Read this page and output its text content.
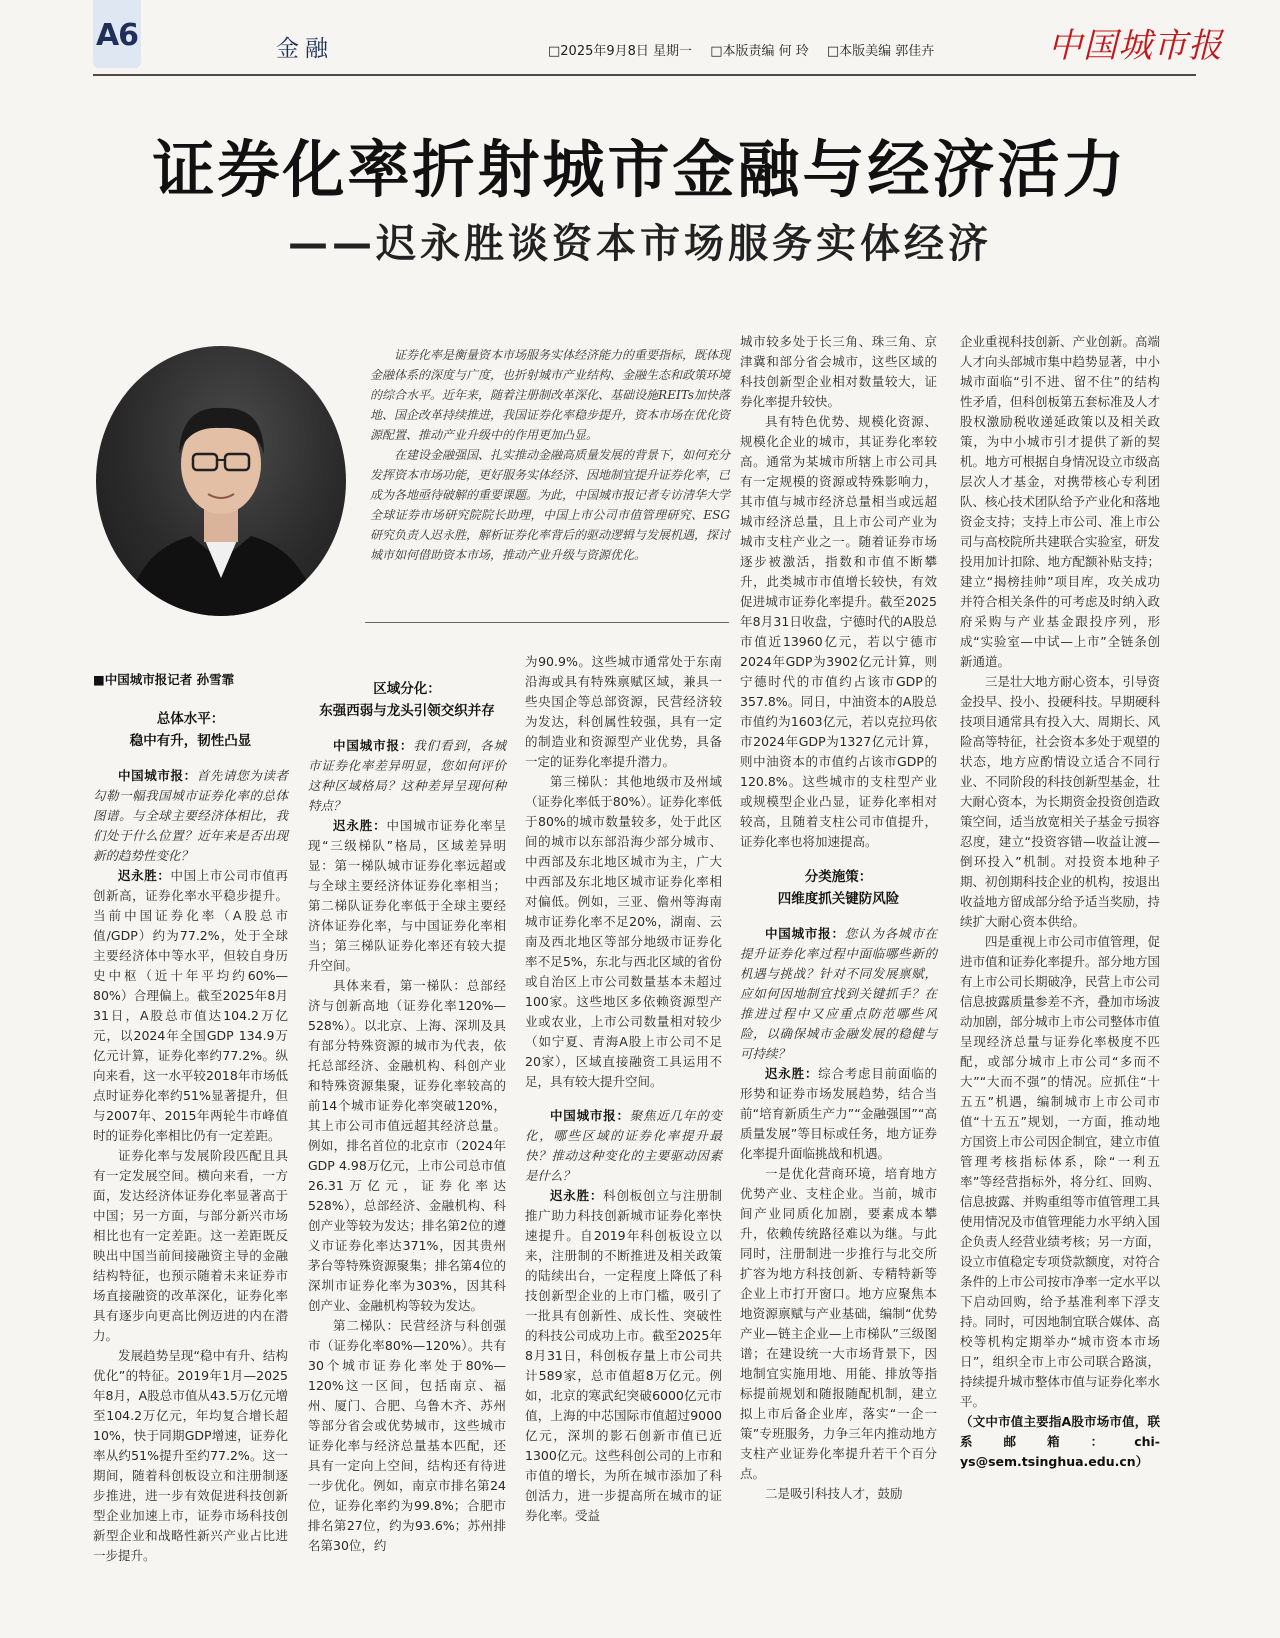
A6	金融	□2025年9月8日 星期一 □本版责编 何 玲 □本版美编 郭佳卉	中国城市报
证券化率折射城市金融与经济活力
——迟永胜谈资本市场服务实体经济

证券化率是衡量资本市场服务实体经济能力的重要指标，既体现金融体系的深度与广度，也折射城市产业结构、金融生态和政策环境的综合水平。近年来，随着注册制改革深化、基础设施REITs加快落地、国企改革持续推进，我国证券化率稳步提升，资本市场在优化资源配置、推动产业升级中的作用更加凸显。

在建设金融强国、扎实推动金融高质量发展的背景下，如何充分发挥资本市场功能，更好服务实体经济、因地制宜提升证券化率，已成为各地亟待破解的重要课题。为此，中国城市报记者专访清华大学全球证券市场研究院院长助理，中国上市公司市值管理研究、ESG研究负责人迟永胜，解析证券化率背后的驱动逻辑与发展机遇，探讨城市如何借助资本市场，推动产业升级与资源优化。

■中国城市报记者 孙雪霏

总体水平：

稳中有升，韧性凸显

中国城市报：首先请您为读者勾勒一幅我国城市证券化率的总体图谱。与全球主要经济体相比，我们处于什么位置？近年来是否出现新的趋势性变化？

迟永胜：中国上市公司市值再创新高，证券化率水平稳步提升。当前中国证券化率（A股总市值/GDP）约为77.2%，处于全球主要经济体中等水平，但较自身历史中枢（近十年平均约60%—80%）合理偏上。截至2025年8月31日，A股总市值达104.2万亿元，以2024年全国GDP 134.9万亿元计算，证券化率约77.2%。纵向来看，这一水平较2018年市场低点时证券化率约51%显著提升，但与2007年、2015年两轮牛市峰值时的证券化率相比仍有一定差距。

证券化率与发展阶段匹配且具有一定发展空间。横向来看，一方面，发达经济体证券化率显著高于中国；另一方面，与部分新兴市场相比也有一定差距。这一差距既反映出中国当前间接融资主导的金融结构特征，也预示随着未来证券市场直接融资的改革深化，证券化率具有逐步向更高比例迈进的内在潜力。

发展趋势呈现“稳中有升、结构优化”的特征。2019年1月—2025年8月，A股总市值从43.5万亿元增至104.2万亿元，年均复合增长超10%，快于同期GDP增速，证券化率从约51%提升至约77.2%。这一期间，随着科创板设立和注册制逐步推进，进一步有效促进科技创新型企业加速上市，证券市场科技创新型企业和战略性新兴产业占比进一步提升。

区域分化：

东强西弱与龙头引领交织并存

中国城市报：我们看到，各城市证券化率差异明显，您如何评价这种区域格局？这种差异呈现何种特点？

迟永胜：中国城市证券化率呈现“三级梯队”格局，区域差异明显：第一梯队城市证券化率远超或与全球主要经济体证券化率相当；第二梯队证券化率低于全球主要经济体证券化率，与中国证券化率相当；第三梯队证券化率还有较大提升空间。

具体来看，第一梯队：总部经济与创新高地（证券化率120%—528%）。以北京、上海、深圳及具有部分特殊资源的城市为代表，依托总部经济、金融机构、科创产业和特殊资源集聚，证券化率较高的前14个城市证券化率突破120%，其上市公司市值远超其经济总量。例如，排名首位的北京市（2024年GDP 4.98万亿元，上市公司总市值26.31万亿元，证券化率达528%），总部经济、金融机构、科创产业等较为发达；排名第2位的遵义市证券化率达371%，因其贵州茅台等特殊资源聚集；排名第4位的深圳市证券化率为303%，因其科创产业、金融机构等较为发达。

第二梯队：民营经济与科创强市（证券化率80%—120%）。共有30个城市证券化率处于80%—120%这一区间，包括南京、福州、厦门、合肥、乌鲁木齐、苏州等部分省会或优势城市，这些城市证券化率与经济总量基本匹配，还具有一定向上空间，结构还有待进一步优化。例如，南京市排名第24位，证券化率约为99.8%；合肥市排名第27位，约为93.6%；苏州排名第30位，约

为90.9%。这些城市通常处于东南沿海或具有特殊禀赋区域，兼具一些央国企等总部资源，民营经济较为发达，科创属性较强，具有一定的制造业和资源型产业优势，具备一定的证券化率提升潜力。

第三梯队：其他地级市及州域（证券化率低于80%）。证券化率低于80%的城市数量较多，处于此区间的城市以东部沿海少部分城市、中西部及东北地区城市为主，广大中西部及东北地区城市证券化率相对偏低。例如，三亚、儋州等海南城市证券化率不足20%，湖南、云南及西北地区等部分地级市证券化率不足5%，东北与西北区域的省份或自治区上市公司数量基本未超过100家。这些地区多依赖资源型产业或农业，上市公司数量相对较少（如宁夏、青海A股上市公司不足20家），区域直接融资工具运用不足，具有较大提升空间。

中国城市报：聚焦近几年的变化，哪些区域的证券化率提升最快？推动这种变化的主要驱动因素是什么？

迟永胜：科创板创立与注册制推广助力科技创新城市证券化率快速提升。自2019年科创板设立以来，注册制的不断推进及相关政策的陆续出台，一定程度上降低了科技创新型企业的上市门槛，吸引了一批具有创新性、成长性、突破性的科技公司成功上市。截至2025年8月31日，科创板存量上市公司共计589家，总市值超8万亿元。例如，北京的寒武纪突破6000亿元市值，上海的中芯国际市值超过9000亿元，深圳的影石创新市值已近1300亿元。这些科创公司的上市和市值的增长，为所在城市添加了科创活力，进一步提高所在城市的证券化率。受益

城市较多处于长三角、珠三角、京津冀和部分省会城市，这些区域的科技创新型企业相对数量较大，证券化率提升较快。

具有特色优势、规模化资源、规模化企业的城市，其证券化率较高。通常为某城市所辖上市公司具有一定规模的资源或特殊影响力，其市值与城市经济总量相当或远超城市经济总量，且上市公司产业为城市支柱产业之一。随着证券市场逐步被激活，指数和市值不断攀升，此类城市市值增长较快，有效促进城市证券化率提升。截至2025年8月31日收盘，宁德时代的A股总市值近13960亿元，若以宁德市2024年GDP为3902亿元计算，则宁德时代的市值约占该市GDP的357.8%。同日，中油资本的A股总市值约为1603亿元，若以克拉玛依市2024年GDP为1327亿元计算，则中油资本的市值约占该市GDP的120.8%。这些城市的支柱型产业或规模型企业凸显，证券化率相对较高，且随着支柱公司市值提升，证券化率也将加速提高。

分类施策：

四维度抓关键防风险

中国城市报：您认为各城市在提升证券化率过程中面临哪些新的机遇与挑战？针对不同发展禀赋，应如何因地制宜找到关键抓手？在推进过程中又应重点防范哪些风险，以确保城市金融发展的稳健与可持续？

迟永胜：综合考虑目前面临的形势和证券市场发展趋势，结合当前“培育新质生产力”“金融强国”“高质量发展”等目标或任务，地方证券化率提升面临挑战和机遇。

一是优化营商环境，培育地方优势产业、支柱企业。当前，城市间产业同质化加剧，要素成本攀升，依赖传统路径难以为继。与此同时，注册制进一步推行与北交所扩容为地方科技创新、专精特新等企业上市打开窗口。地方应聚焦本地资源禀赋与产业基础，编制“优势产业—链主企业—上市梯队”三级图谱；在建设统一大市场背景下，因地制宜实施用地、用能、排放等指标提前规划和随报随配机制，建立拟上市后备企业库，落实“一企一策”专班服务，力争三年内推动地方支柱产业证券化率提升若干个百分点。

二是吸引科技人才，鼓励

企业重视科技创新、产业创新。高端人才向头部城市集中趋势显著，中小城市面临“引不进、留不住”的结构性矛盾，但科创板第五套标准及人才股权激励税收递延政策以及相关政策，为中小城市引才提供了新的契机。地方可根据自身情况设立市级高层次人才基金，对携带核心专利团队、核心技术团队给予产业化和落地资金支持；支持上市公司、准上市公司与高校院所共建联合实验室，研发投用加计扣除、地方配额补贴支持；建立“揭榜挂帅”项目库，攻关成功并符合相关条件的可考虑及时纳入政府采购与产业基金跟投序列，形成“实验室—中试—上市”全链条创新通道。

三是壮大地方耐心资本，引导资金投早、投小、投硬科技。早期硬科技项目通常具有投入大、周期长、风险高等特征，社会资本多处于观望的状态，地方应酌情设立适合不同行业、不同阶段的科技创新型基金，壮大耐心资本，为长期资金投资创造政策空间，适当放宽相关子基金亏损容忍度，建立“投资容错—收益让渡—倒环投入”机制。对投资本地种子期、初创期科技企业的机构，按退出收益地方留成部分给予适当奖励，持续扩大耐心资本供给。

四是重视上市公司市值管理，促进市值和证券化率提升。部分地方国有上市公司长期破净，民营上市公司信息披露质量参差不齐，叠加市场波动加剧，部分城市上市公司整体市值呈现经济总量与证券化率极度不匹配，或部分城市上市公司“多而不大”“大而不强”的情况。应抓住“十五五”机遇，编制城市上市公司市值“十五五”规划，一方面，推动地方国资上市公司因企制宜，建立市值管理考核指标体系，除“一利五率”等经营指标外，将分红、回购、信息披露、并购重组等市值管理工具使用情况及市值管理能力水平纳入国企负责人经营业绩考核；另一方面，设立市值稳定专项贷款额度，对符合条件的上市公司按市净率一定水平以下启动回购，给予基准利率下浮支持。同时，可因地制宜联合媒体、高校等机构定期举办“城市资本市场日”，组织全市上市公司联合路演，持续提升城市整体市值与证券化率水平。

（文中市值主要指A股市场市值，联系邮箱：chi-ys@sem.tsinghua.edu.cn）
